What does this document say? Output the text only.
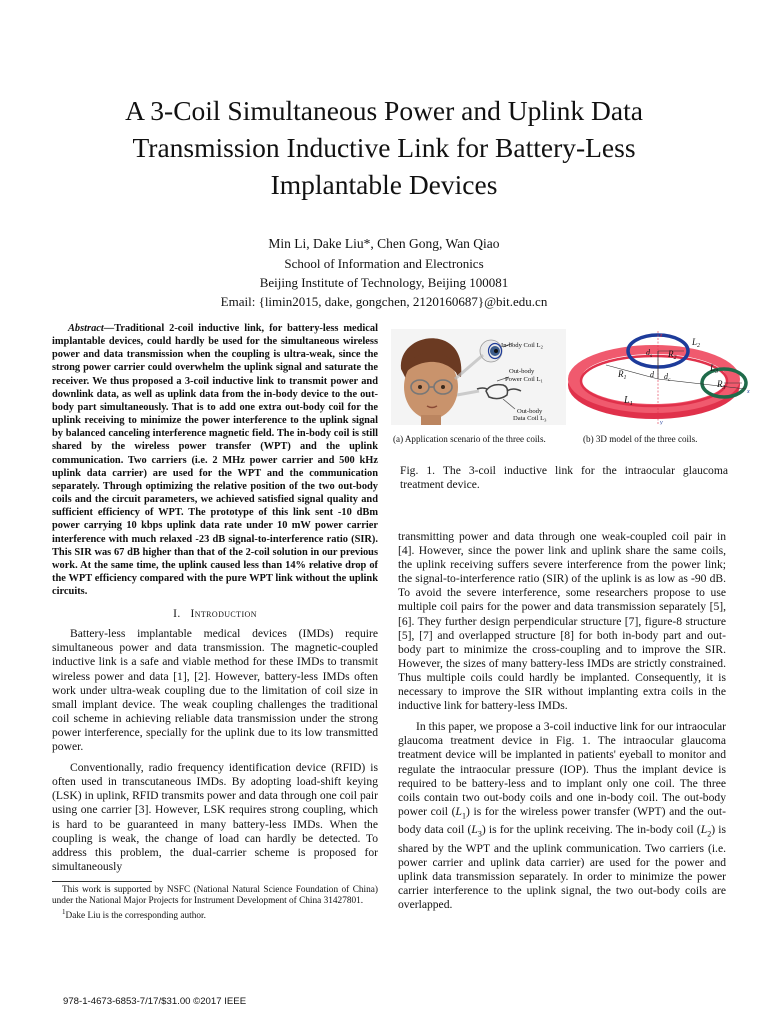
A 3-Coil Simultaneous Power and Uplink Data
Transmission Inductive Link for Battery-Less
Implantable Devices
Min Li, Dake Liu*, Chen Gong, Wan Qiao
School of Information and Electronics
Beijing Institute of Technology, Beijing 100081
Email: {limin2015, dake, gongchen, 2120160687}@bit.edu.cn

Abstract—Traditional 2-coil inductive link, for battery-less medical implantable devices, could hardly be used for the simultaneous wireless power and data transmission when the coupling is ultra-weak, since the strong power carrier could overwhelm the uplink signal and saturate the receiver. We thus proposed a 3-coil inductive link to transmit power and downlink data, as well as uplink data from the in-body device to the out-body part simultaneously. That is to add one extra out-body coil for the uplink receiving to minimize the power interference to the uplink signal by balanced canceling interference magnetic field. The in-body coil is still shared by the wireless power transfer (WPT) and the uplink communication. Two carriers (i.e. 2 MHz power carrier and 500 kHz uplink data carrier) are used for the WPT and the communication separately. Through optimizing the relative position of the two out-body coils and the circuit parameters, we achieved satisfied signal quality and sufficient efficiency of WPT. The prototype of this link sent -10 dBm power carrying 10 kbps uplink data rate under 10 mW power carrier interference with much relaxed -23 dB signal-to-interference ratio (SIR). This SIR was 67 dB higher than that of the 2-coil solution in our previous work. At the same time, the uplink caused less than 14% relative drop of the WPT efficiency compared with the pure WPT link without the uplink circuits.

I. Introduction

Battery-less implantable medical devices (IMDs) require simultaneous power and data transmission. The magnetic-coupled inductive link is a safe and viable method for these IMDs to transmit wireless power and data [1], [2]. However, battery-less IMDs often work under ultra-weak coupling due to the limitation of coil size in small implant device. The weak coupling challenges the traditional coil scheme in achieving reliable data transmission under the strong power interference, specially for the uplink due to its low transmitted power.

Conventionally, radio frequency identification device (RFID) is often used in transcutaneous IMDs. By adopting load-shift keying (LSK) in uplink, RFID transmits power and data through one coil pair using one carrier [3]. However, LSK requires strong coupling, which is hard to be guaranteed in many battery-less IMDs. When the coupling is weak, the change of load can hardly be detected. To address this problem, the dual-carrier scheme is proposed for simultaneously

This work is supported by NSFC (National Natural Science Foundation of China) under the National Major Projects for Instrument Development of China 31427801.

$^1$Dake Liu is the corresponding author.

In-body Coil $L_2$
Out-body Power Coil $L_1$
Out-body Data Coil $L_3$
$L_2$
$R_2$
$d_s$
$R_1$	d $d_c$
$L_3$
$R_3$
$L_1$
z
y
x
(a) Application scenario of the three coils.	(b) 3D model of the three coils.
Fig. 1. The 3-coil inductive link for the intraocular glaucoma treatment device.

transmitting power and data through one weak-coupled coil pair in [4]. However, since the power link and uplink share the same coils, the uplink receiving suffers severe interference from the power link; the signal-to-interference ratio (SIR) of the uplink is as low as -90 dB. To avoid the severe interference, some researchers propose to use multiple coil pairs for the power and data transmission separately [5], [6]. They further design perpendicular structure [7], figure-8 structure [5], [7] and overlapped structure [8] for both in-body part and out-body part to minimize the cross-coupling and to improve the SIR. However, the sizes of many battery-less IMDs are strictly constrained. Thus multiple coils could hardly be implanted. Consequently, it is necessary to improve the SIR without implanting extra coils in the inductive link for battery-less IMDs.

In this paper, we propose a 3-coil inductive link for our intraocular glaucoma treatment device in Fig. 1. The intraocular glaucoma treatment device will be implanted in patients' eyeball to monitor and regulate the intraocular pressure (IOP). Thus the implant device is required to be battery-less and to implant only one coil. The three coils contain two out-body coils and one in-body coil. The out-body power coil $(L_1)$ is for the wireless power transfer (WPT) and the out-body data coil $(L_3)$ is for the uplink receiving. The in-body coil $(L_2)$ is shared by the WPT and the uplink communication. Two carriers (i.e. power carrier and uplink data carrier) are used for the power and uplink data transmission separately. In order to minimize the power carrier interference to the uplink signal, the two out-body coils are overlapped.

978-1-4673-6853-7/17/$31.00 ©2017 IEEE
